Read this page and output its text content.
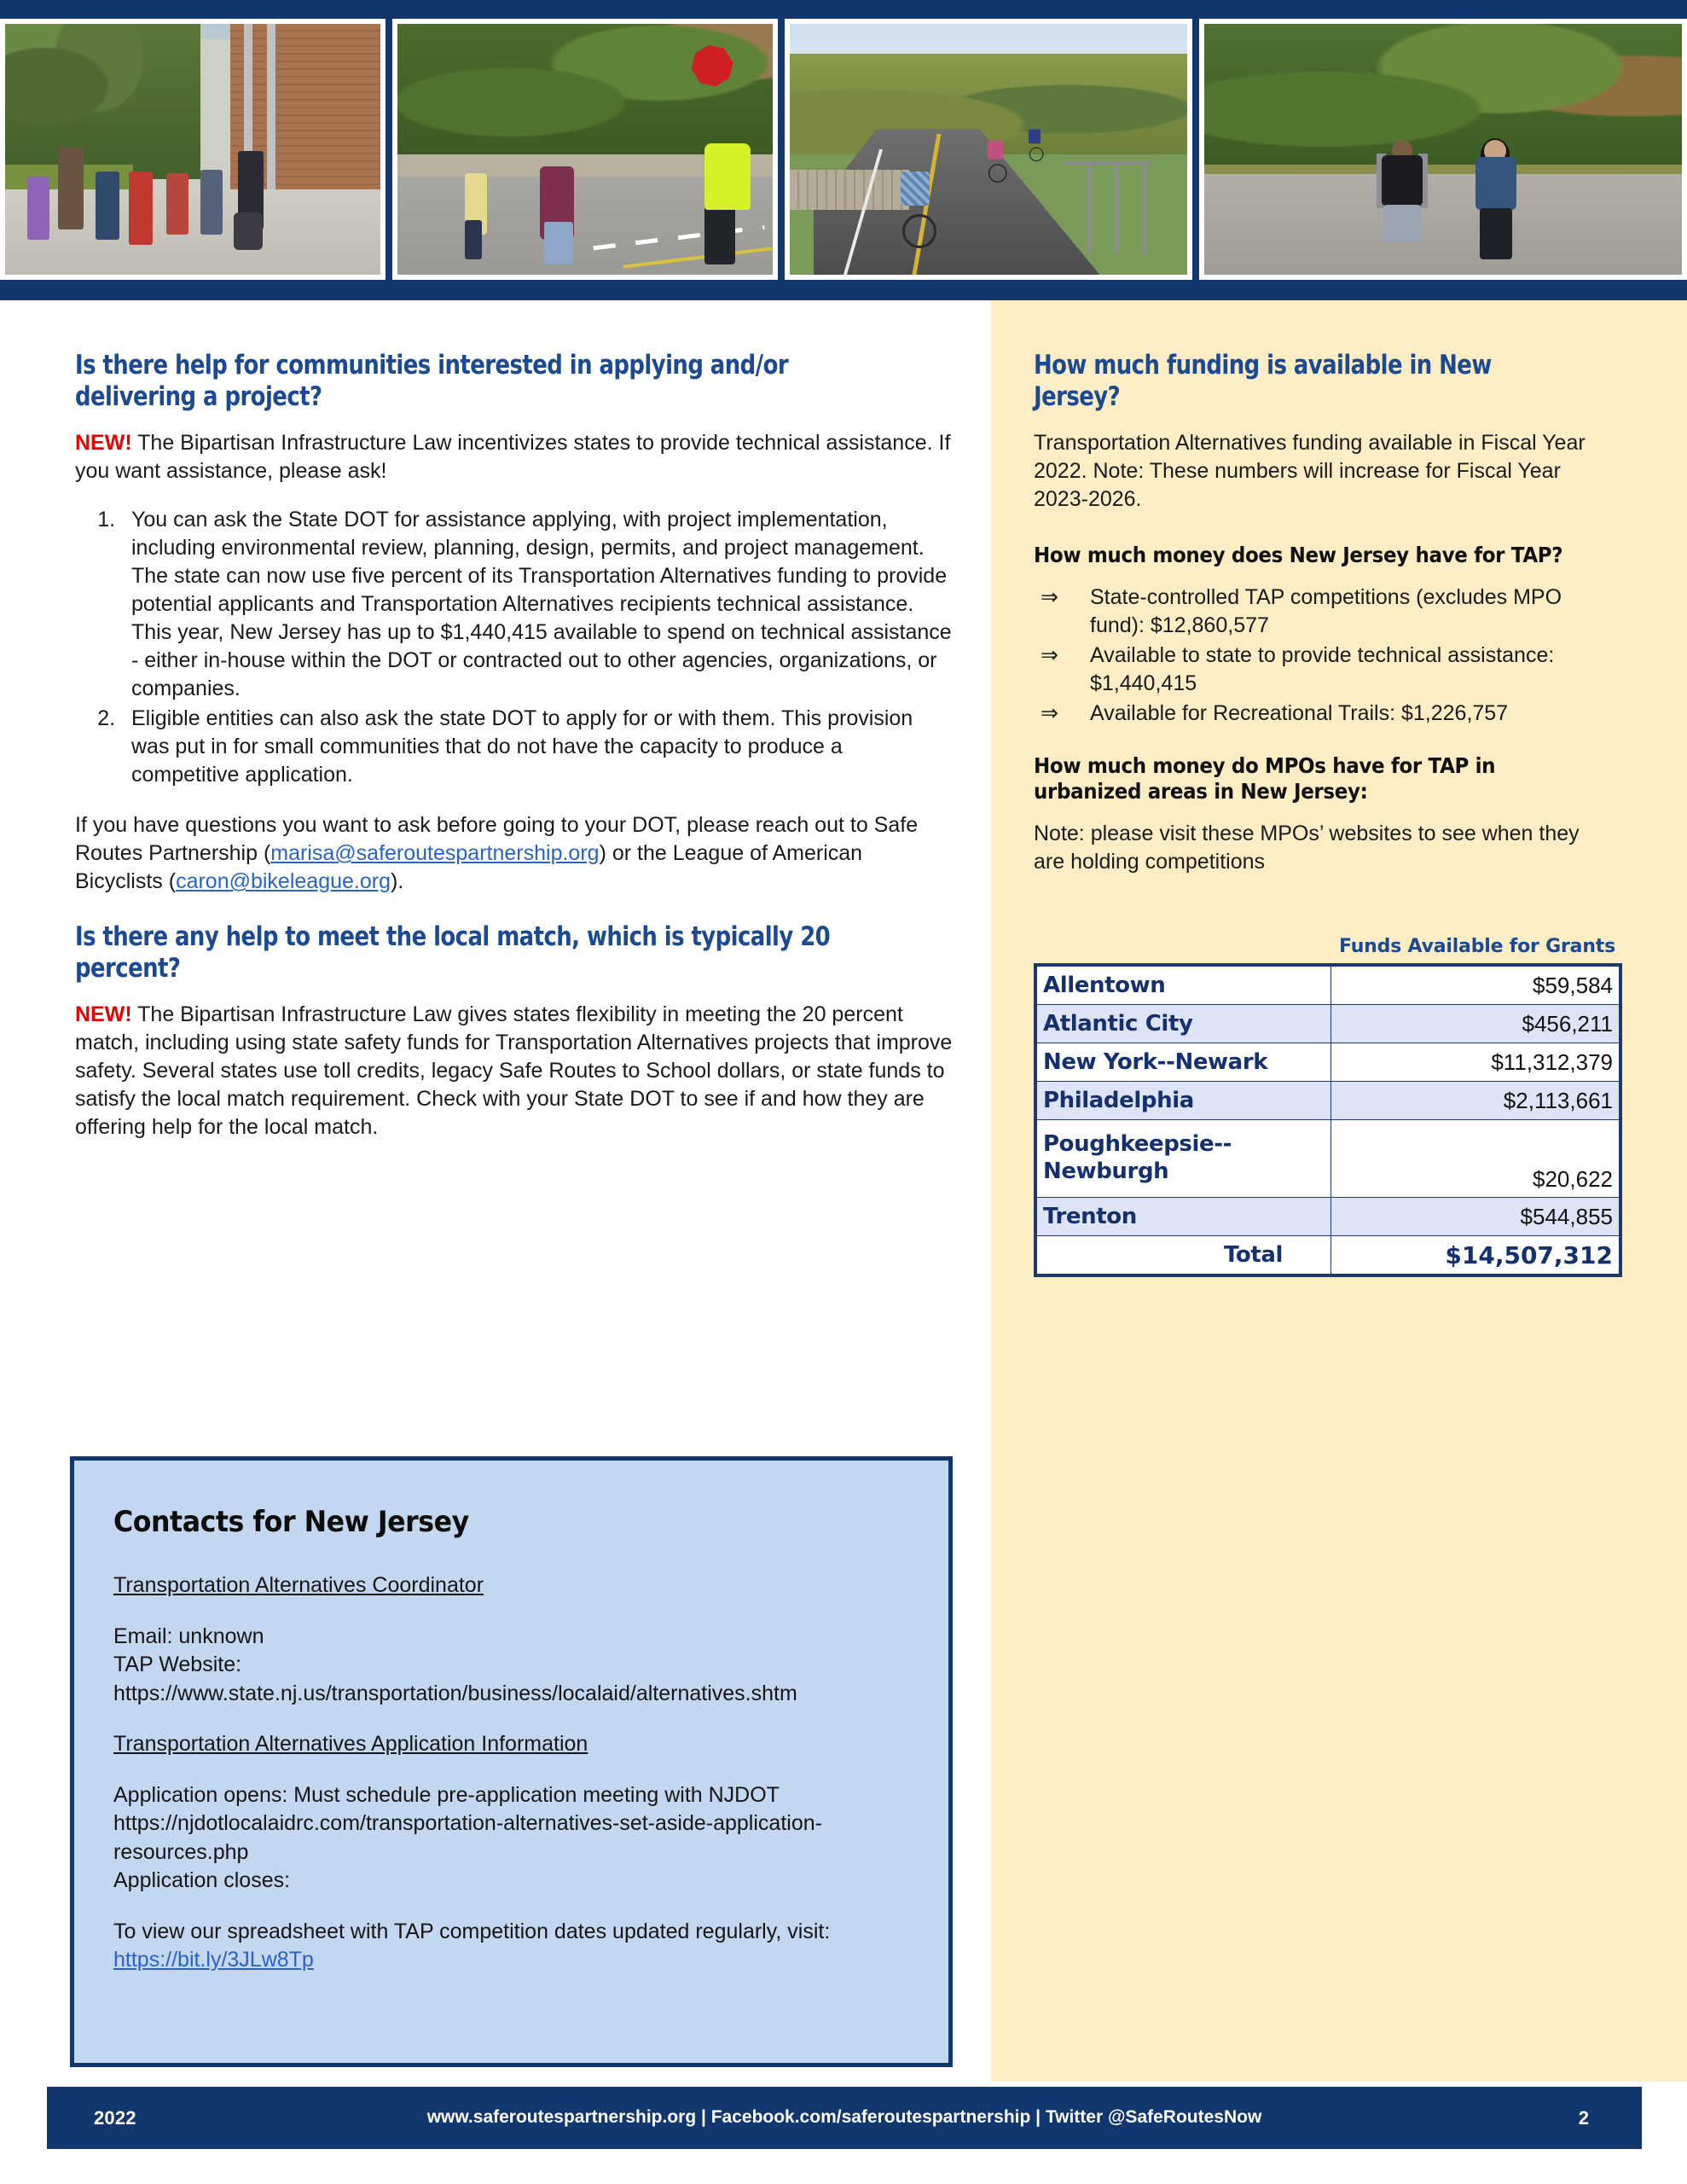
Is there help for communities interested in applying and/or delivering a project?

NEW! The Bipartisan Infrastructure Law incentivizes states to provide technical assistance. If you want assistance, please ask!

1. You can ask the State DOT for assistance applying, with project implementation, including environmental review, planning, design, permits, and project management. The state can now use five percent of its Transportation Alternatives funding to provide potential applicants and Transportation Alternatives recipients technical assistance. This year, New Jersey has up to $1,440,415 available to spend on technical assistance - either in-house within the DOT or contracted out to other agencies, organizations, or companies.
2. Eligible entities can also ask the state DOT to apply for or with them. This provision was put in for small communities that do not have the capacity to produce a competitive application.

If you have questions you want to ask before going to your DOT, please reach out to Safe Routes Partnership (marisa@saferoutespartnership.org) or the League of American Bicyclists (caron@bikeleague.org).

Is there any help to meet the local match, which is typically 20 percent?

NEW! The Bipartisan Infrastructure Law gives states flexibility in meeting the 20 percent match, including using state safety funds for Transportation Alternatives projects that improve safety. Several states use toll credits, legacy Safe Routes to School dollars, or state funds to satisfy the local match requirement. Check with your State DOT to see if and how they are offering help for the local match.

Contacts for New Jersey

Transportation Alternatives Coordinator

Email: unknown
TAP Website: https://www.state.nj.us/transportation/business/localaid/alternatives.shtm

Transportation Alternatives Application Information

Application opens: Must schedule pre-application meeting with NJDOT https://njdotlocalaidrc.com/transportation-alternatives-set-aside-application-resources.php
Application closes:

To view our spreadsheet with TAP competition dates updated regularly, visit: https://bit.ly/3JLw8Tp

How much funding is available in New Jersey?

Transportation Alternatives funding available in Fiscal Year 2022. Note: These numbers will increase for Fiscal Year 2023-2026.

How much money does New Jersey have for TAP?
⇒ State-controlled TAP competitions (excludes MPO fund): $12,860,577
⇒ Available to state to provide technical assistance: $1,440,415
⇒ Available for Recreational Trails: $1,226,757
How much money do MPOs have for TAP in urbanized areas in New Jersey:

Note: please visit these MPOs’ websites to see when they are holding competitions

Funds Available for Grants
Allentown	$59,584
Atlantic City	$456,211
New York--Newark	$11,312,379
Philadelphia	$2,113,661
Poughkeepsie--Newburgh	$20,622
Trenton	$544,855
Total	$14,507,312
2022	www.saferoutespartnership.org | Facebook.com/saferoutespartnership | Twitter @SafeRoutesNow	2
